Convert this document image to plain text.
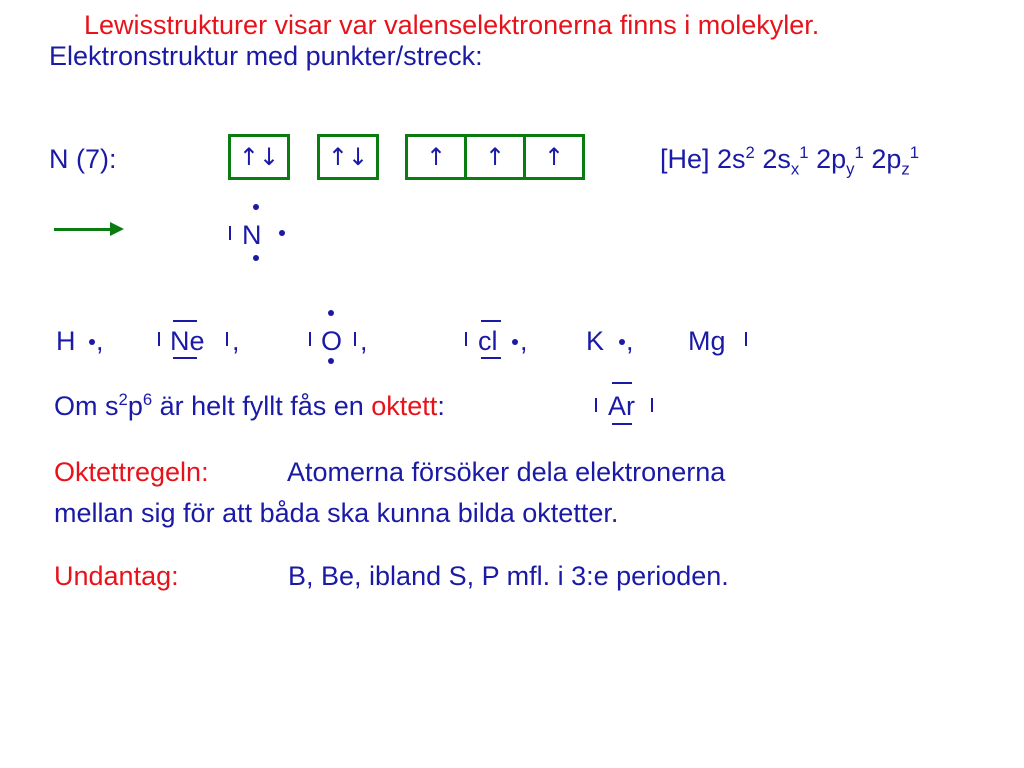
Lewisstrukturer visar var valenselektronerna finns i molekyler.
Elektronstruktur med punkter/streck:
N (7):	↑↓	↑↓	↑	↑	↑	[He] $2s^2$ $2s_x^1$ $2p_y^1$ $2p_z^1$
N
H , Ne ,	O ,	cl , K , Mg
Om $s^2p^6$ är helt fyllt fås en oktett:	Ar
Oktettregeln:	Atomerna försöker dela elektronerna
mellan sig för att båda ska kunna bilda oktetter.
Undantag:	B, Be, ibland S, P mfl. i 3:e perioden.
